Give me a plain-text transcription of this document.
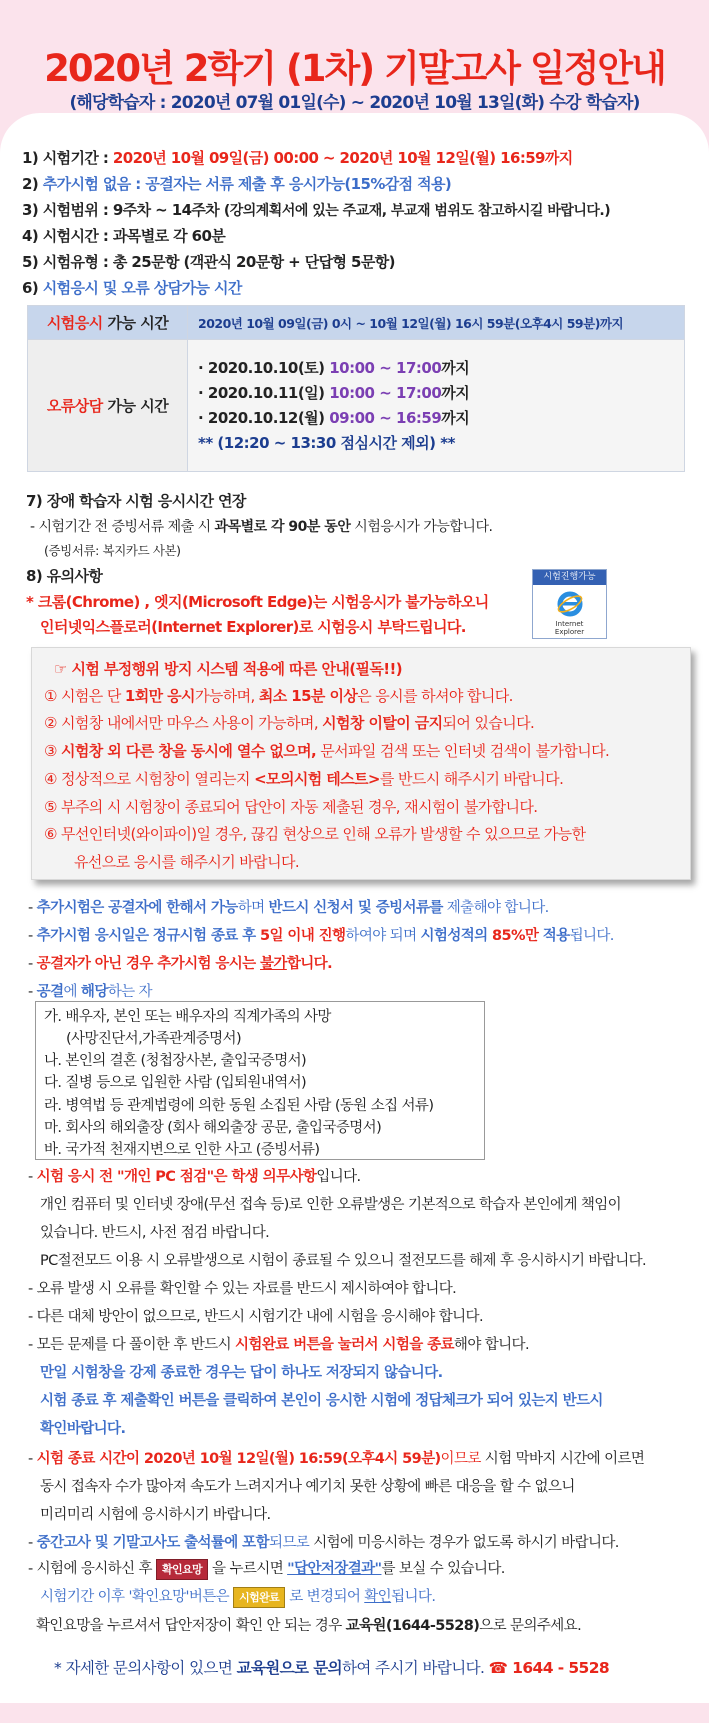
2020년 2학기 (1차) 기말고사 일정안내
(해당학습자 : 2020년 07월 01일(수) ~ 2020년 10월 13일(화) 수강 학습자)
1) 시험기간 : 2020년 10월 09일(금) 00:00 ~ 2020년 10월 12일(월) 16:59까지
2) 추가시험 없음 : 공결자는 서류 제출 후 응시가능(15%감점 적용)
3) 시험범위 : 9주차 ~ 14주차 (강의계획서에 있는 주교재, 부교재 범위도 참고하시길 바랍니다.)
4) 시험시간 : 과목별로 각 60분
5) 시험유형 : 총 25문항 (객관식 20문항 + 단답형 5문항)
6) 시험응시 및 오류 상담가능 시간
시험응시 가능 시간	2020년 10월 09일(금) 0시 ~ 10월 12일(월) 16시 59분(오후4시 59분)까지
오류상담 가능 시간	· 2020.10.10(토) 10:00 ~ 17:00까지
· 2020.10.11(일) 10:00 ~ 17:00까지
· 2020.10.12(월) 09:00 ~ 16:59까지
** (12:20 ~ 13:30 점심시간 제외) **
7) 장애 학습자 시험 응시시간 연장
- 시험기간 전 증빙서류 제출 시 과목별로 각 90분 동안 시험응시가 가능합니다.
(증빙서류: 복지카드 사본)
8) 유의사항
* 크롬(Chrome) , 엣지(Microsoft Edge)는 시험응시가 불가능하오니
인터넷익스플로러(Internet Explorer)로 시험응시 부탁드립니다.
시험진행가능
Internet
Explorer
☞ 시험 부정행위 방지 시스템 적용에 따른 안내(필독!!)
① 시험은 단 1회만 응시가능하며, 최소 15분 이상은 응시를 하셔야 합니다.
② 시험창 내에서만 마우스 사용이 가능하며, 시험창 이탈이 금지되어 있습니다.
③ 시험창 외 다른 창을 동시에 열수 없으며, 문서파일 검색 또는 인터넷 검색이 불가합니다.
④ 정상적으로 시험창이 열리는지 <모의시험 테스트>를 반드시 해주시기 바랍니다.
⑤ 부주의 시 시험창이 종료되어 답안이 자동 제출된 경우, 재시험이 불가합니다.
⑥ 무선인터넷(와이파이)일 경우, 끊김 현상으로 인해 오류가 발생할 수 있으므로 가능한
유선으로 응시를 해주시기 바랍니다.
- 추가시험은 공결자에 한해서 가능하며 반드시 신청서 및 증빙서류를 제출해야 합니다.
- 추가시험 응시일은 정규시험 종료 후 5일 이내 진행하여야 되며 시험성적의 85%만 적용됩니다.
- 공결자가 아닌 경우 추가시험 응시는 불가합니다.
- 공결에 해당하는 자
가. 배우자, 본인 또는 배우자의 직계가족의 사망
(사망진단서,가족관계증명서)
나. 본인의 결혼 (청첩장사본, 출입국증명서)
다. 질병 등으로 입원한 사람 (입퇴원내역서)
라. 병역법 등 관계법령에 의한 동원 소집된 사람 (동원 소집 서류)
마. 회사의 해외출장 (회사 해외출장 공문, 출입국증명서)
바. 국가적 천재지변으로 인한 사고 (증빙서류)
- 시험 응시 전 "개인 PC 점검"은 학생 의무사항입니다.
개인 컴퓨터 및 인터넷 장애(무선 접속 등)로 인한 오류발생은 기본적으로 학습자 본인에게 책임이
있습니다. 반드시, 사전 점검 바랍니다.
PC절전모드 이용 시 오류발생으로 시험이 종료될 수 있으니 절전모드를 해제 후 응시하시기 바랍니다.
- 오류 발생 시 오류를 확인할 수 있는 자료를 반드시 제시하여야 합니다.
- 다른 대체 방안이 없으므로, 반드시 시험기간 내에 시험을 응시해야 합니다.
- 모든 문제를 다 풀이한 후 반드시 시험완료 버튼을 눌러서 시험을 종료해야 합니다.
만일 시험창을 강제 종료한 경우는 답이 하나도 저장되지 않습니다.
시험 종료 후 제출확인 버튼을 클릭하여 본인이 응시한 시험에 정답체크가 되어 있는지 반드시
확인바랍니다.
- 시험 종료 시간이 2020년 10월 12일(월) 16:59(오후4시 59분)이므로 시험 막바지 시간에 이르면
동시 접속자 수가 많아져 속도가 느려지거나 예기치 못한 상황에 빠른 대응을 할 수 없으니
미리미리 시험에 응시하시기 바랍니다.
- 중간고사 및 기말고사도 출석률에 포함되므로 시험에 미응시하는 경우가 없도록 하시기 바랍니다.
- 시험에 응시하신 후 확인요망 을 누르시면 "답안저장결과"를 보실 수 있습니다.
시험기간 이후 '확인요망'버튼은 시험완료 로 변경되어 확인됩니다.
확인요망을 누르셔서 답안저장이 확인 안 되는 경우 교육원(1644-5528)으로 문의주세요.
* 자세한 문의사항이 있으면 교육원으로 문의하여 주시기 바랍니다. ☎ 1644 - 5528
